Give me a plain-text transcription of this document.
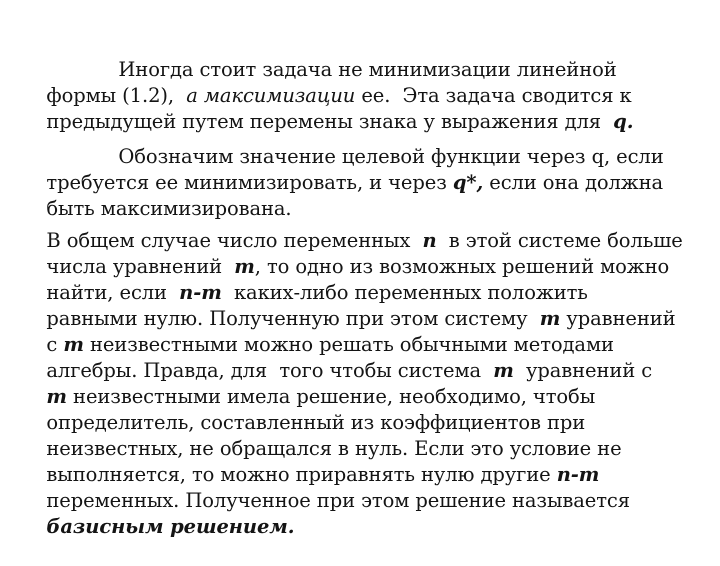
Иногда стоит задача не минимизации линейной

формы (1.2),  а максимизации ее.  Эта задача сводится к

предыдущей путем перемены знака у выражения для  q.

Обозначим значение целевой функции через q, если

требуется ее минимизировать, и через q*, если она должна

быть максимизирована.

В общем случае число переменных  n  в этой системе больше

числа уравнений  m, то одно из возможных решений можно

найти, если  n-m  каких-либо переменных положить

равными нулю. Полученную при этом систему  m уравнений

с m неизвестными можно решать обычными методами

алгебры. Правда, для  того чтобы система  m  уравнений с

m неизвестными имела решение, необходимо, чтобы

определитель, составленный из коэффициентов при

неизвестных, не обращался в нуль. Если это условие не

выполняется, то можно приравнять нулю другие n-m

переменных. Полученное при этом решение называется

базисным решением.
